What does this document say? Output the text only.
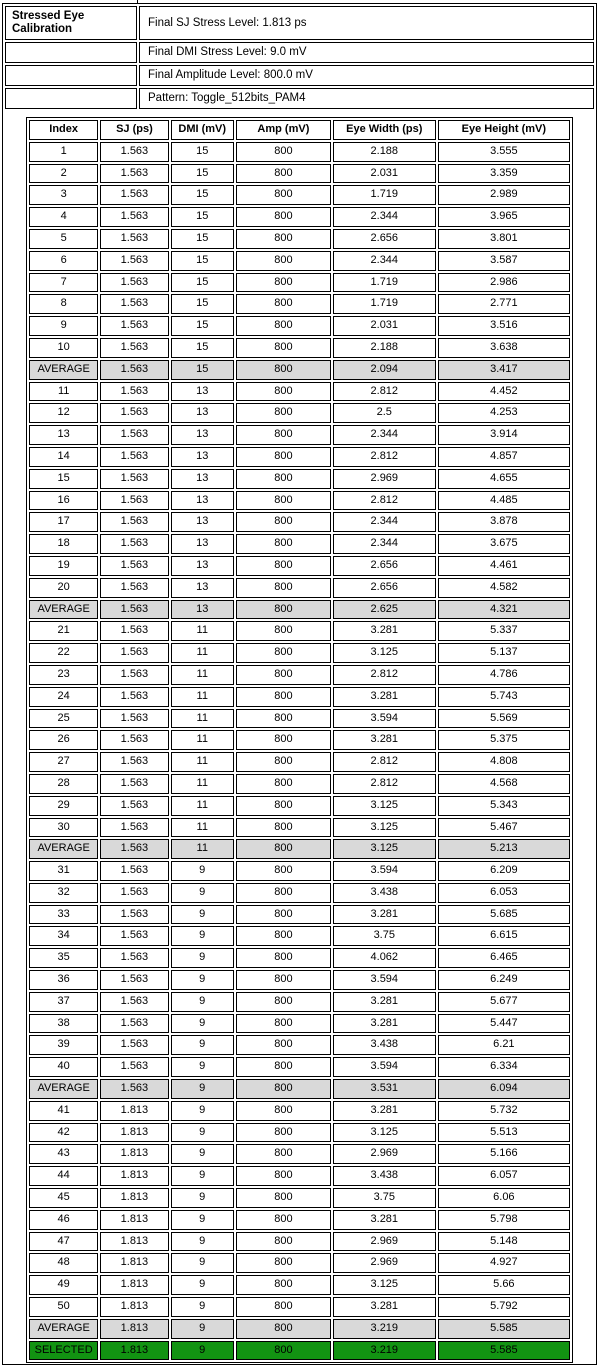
Stressed Eye Calibration	Final SJ Stress Level: 1.813 ps
	Final DMI Stress Level: 9.0 mV
	Final Amplitude Level: 800.0 mV
	Pattern: Toggle_512bits_PAM4
Index	SJ (ps)	DMI (mV)	Amp (mV)	Eye Width (ps)	Eye Height (mV)
1	1.563	15	800	2.188	3.555
2	1.563	15	800	2.031	3.359
3	1.563	15	800	1.719	2.989
4	1.563	15	800	2.344	3.965
5	1.563	15	800	2.656	3.801
6	1.563	15	800	2.344	3.587
7	1.563	15	800	1.719	2.986
8	1.563	15	800	1.719	2.771
9	1.563	15	800	2.031	3.516
10	1.563	15	800	2.188	3.638
AVERAGE	1.563	15	800	2.094	3.417
11	1.563	13	800	2.812	4.452
12	1.563	13	800	2.5	4.253
13	1.563	13	800	2.344	3.914
14	1.563	13	800	2.812	4.857
15	1.563	13	800	2.969	4.655
16	1.563	13	800	2.812	4.485
17	1.563	13	800	2.344	3.878
18	1.563	13	800	2.344	3.675
19	1.563	13	800	2.656	4.461
20	1.563	13	800	2.656	4.582
AVERAGE	1.563	13	800	2.625	4.321
21	1.563	11	800	3.281	5.337
22	1.563	11	800	3.125	5.137
23	1.563	11	800	2.812	4.786
24	1.563	11	800	3.281	5.743
25	1.563	11	800	3.594	5.569
26	1.563	11	800	3.281	5.375
27	1.563	11	800	2.812	4.808
28	1.563	11	800	2.812	4.568
29	1.563	11	800	3.125	5.343
30	1.563	11	800	3.125	5.467
AVERAGE	1.563	11	800	3.125	5.213
31	1.563	9	800	3.594	6.209
32	1.563	9	800	3.438	6.053
33	1.563	9	800	3.281	5.685
34	1.563	9	800	3.75	6.615
35	1.563	9	800	4.062	6.465
36	1.563	9	800	3.594	6.249
37	1.563	9	800	3.281	5.677
38	1.563	9	800	3.281	5.447
39	1.563	9	800	3.438	6.21
40	1.563	9	800	3.594	6.334
AVERAGE	1.563	9	800	3.531	6.094
41	1.813	9	800	3.281	5.732
42	1.813	9	800	3.125	5.513
43	1.813	9	800	2.969	5.166
44	1.813	9	800	3.438	6.057
45	1.813	9	800	3.75	6.06
46	1.813	9	800	3.281	5.798
47	1.813	9	800	2.969	5.148
48	1.813	9	800	2.969	4.927
49	1.813	9	800	3.125	5.66
50	1.813	9	800	3.281	5.792
AVERAGE	1.813	9	800	3.219	5.585
SELECTED	1.813	9	800	3.219	5.585
